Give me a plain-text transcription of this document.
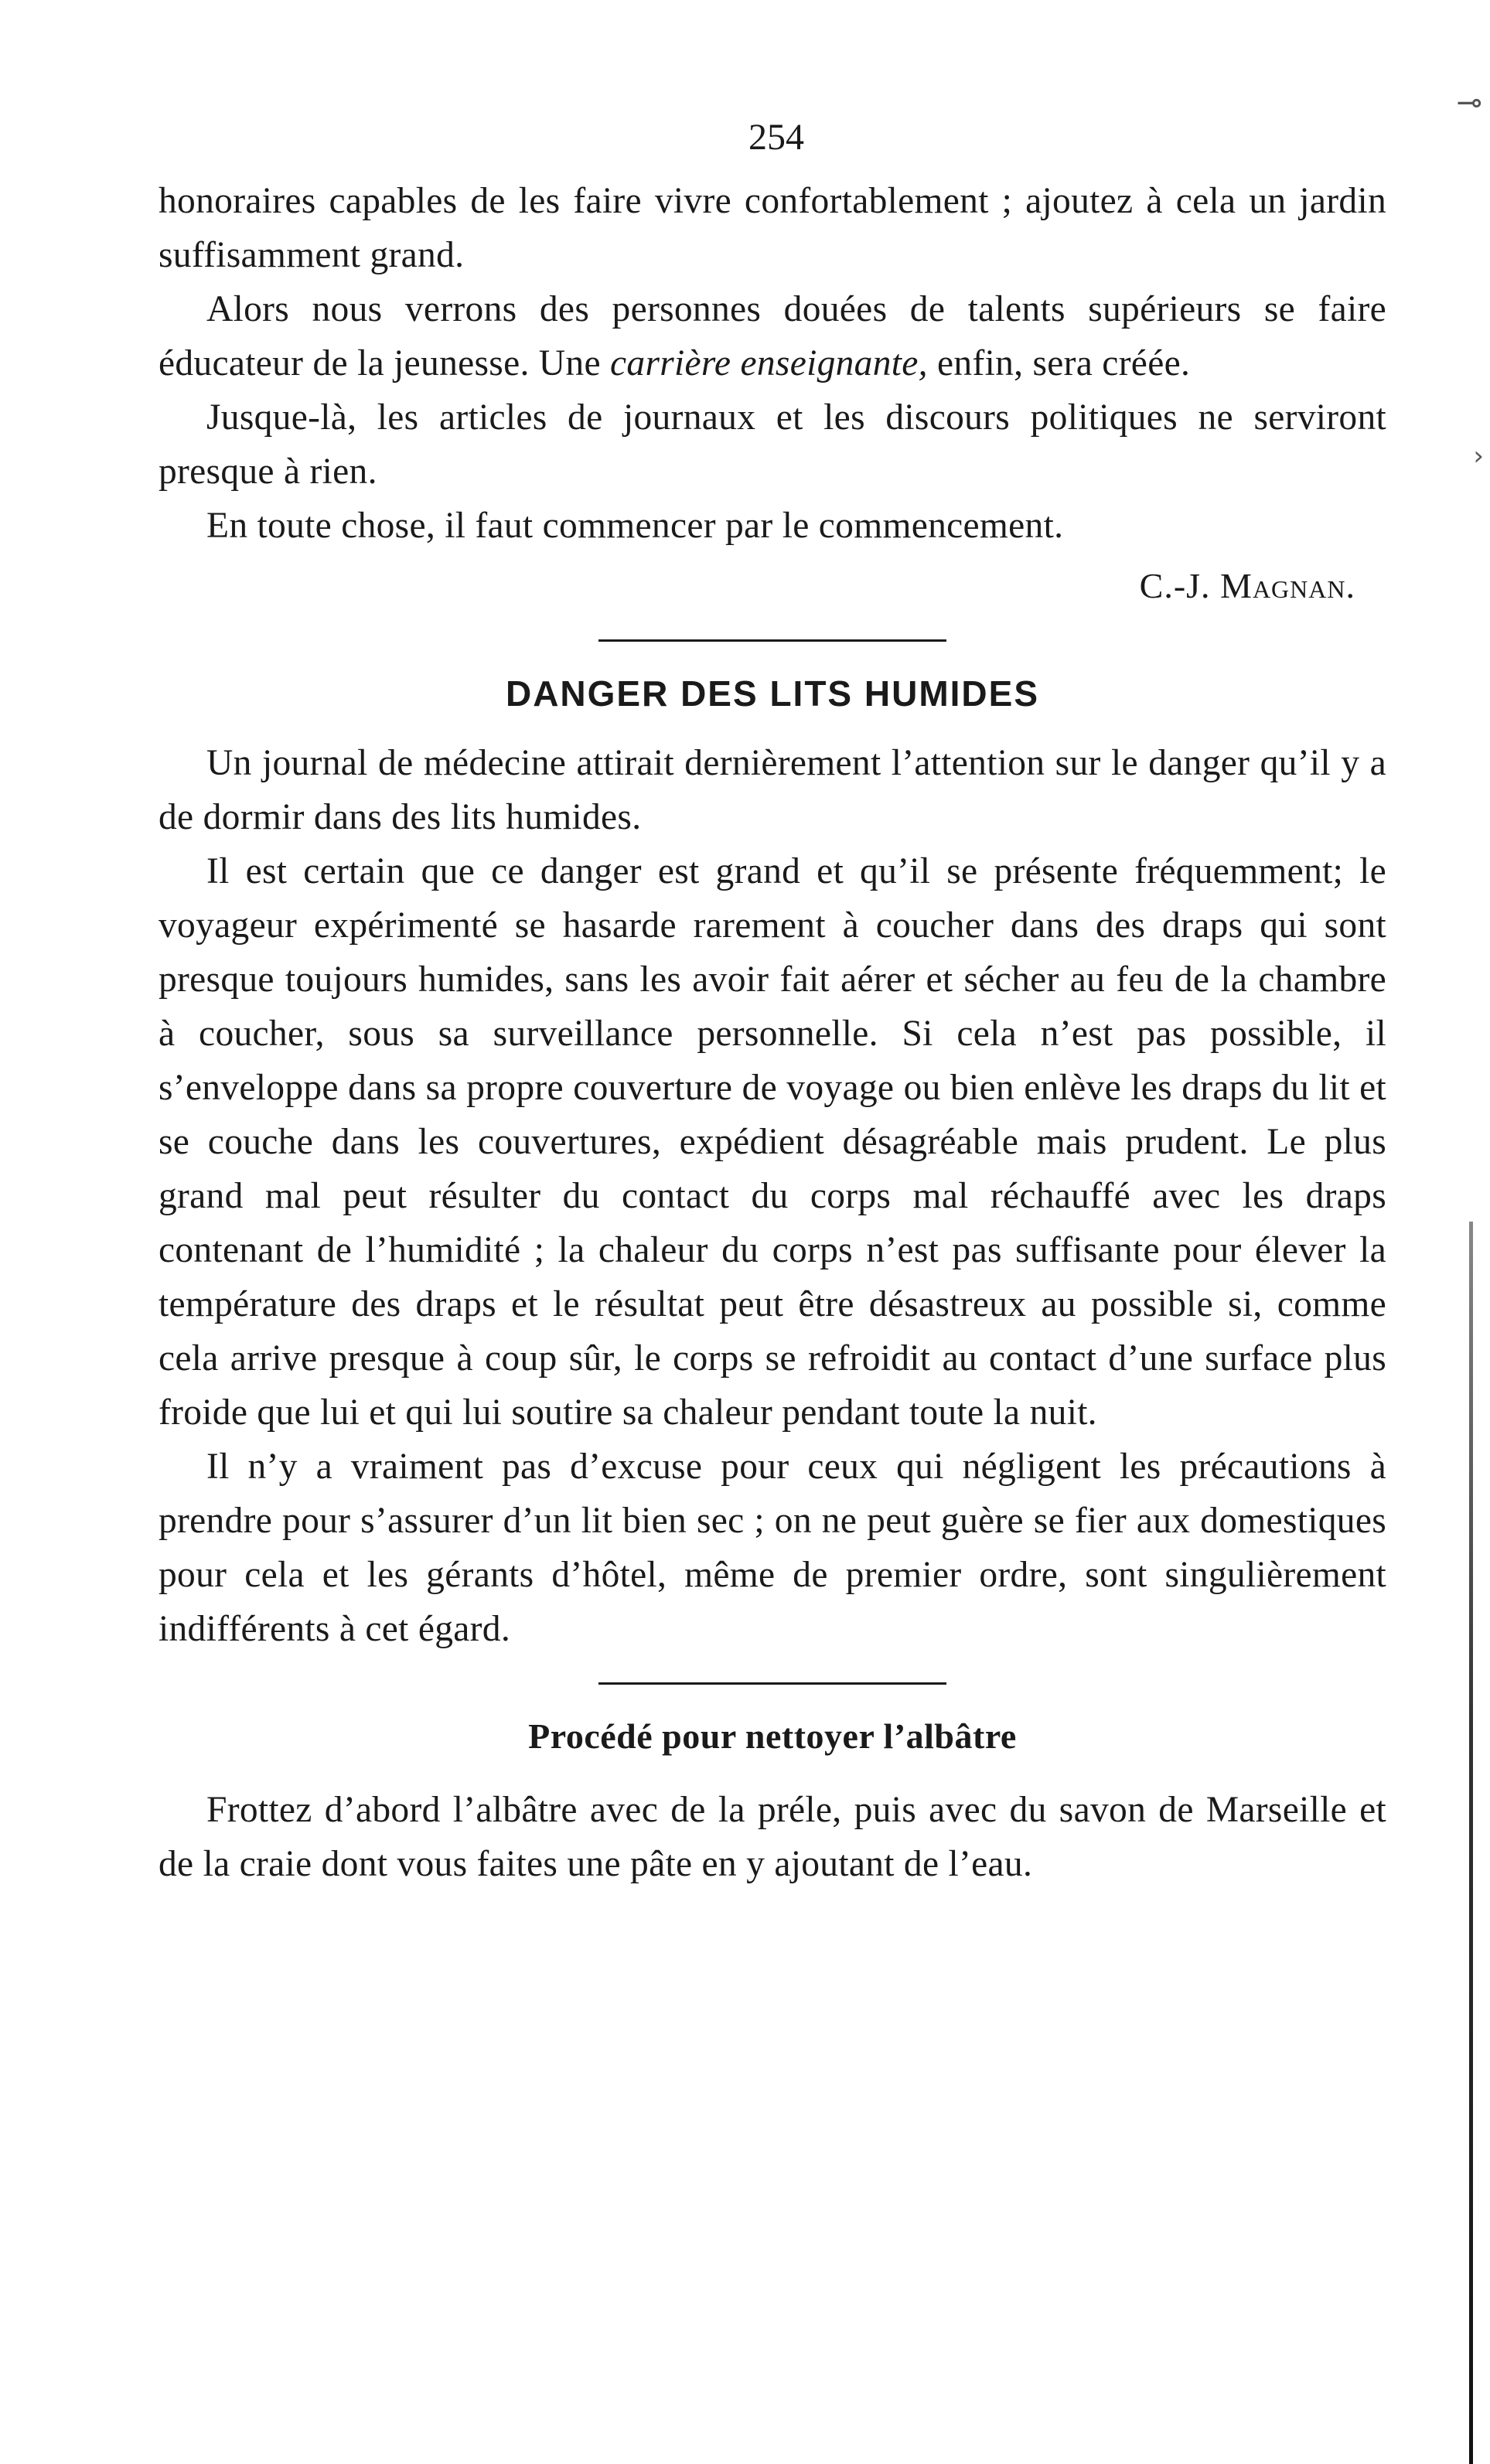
254

honoraires capables de les faire vivre confortablement ; ajoutez à cela un jardin suffisamment grand.

Alors nous verrons des personnes douées de talents supérieurs se faire éducateur de la jeunesse. Une carrière enseignante, enfin, sera créée.

Jusque-là, les articles de journaux et les discours politiques ne serviront presque à rien.

En toute chose, il faut commencer par le commencement.

C.-J. Magnan.
DANGER DES LITS HUMIDES

Un journal de médecine attirait dernièrement l’attention sur le danger qu’il y a de dormir dans des lits humides.

Il est certain que ce danger est grand et qu’il se présente fréquemment; le voyageur expérimenté se hasarde rarement à coucher dans des draps qui sont presque toujours humides, sans les avoir fait aérer et sécher au feu de la chambre à coucher, sous sa surveillance personnelle. Si cela n’est pas possible, il s’enveloppe dans sa propre couverture de voyage ou bien enlève les draps du lit et se couche dans les couvertures, expédient désagréable mais prudent. Le plus grand mal peut résulter du contact du corps mal réchauffé avec les draps contenant de l’humidité ; la chaleur du corps n’est pas suffisante pour élever la température des draps et le résultat peut être désastreux au possible si, comme cela arrive presque à coup sûr, le corps se refroidit au contact d’une surface plus froide que lui et qui lui soutire sa chaleur pendant toute la nuit.

Il n’y a vraiment pas d’excuse pour ceux qui négligent les précautions à prendre pour s’assurer d’un lit bien sec ; on ne peut guère se fier aux domestiques pour cela et les gérants d’hôtel, même de premier ordre, sont singulièrement indifférents à cet égard.

Procédé pour nettoyer l’albâtre

Frottez d’abord l’albâtre avec de la préle, puis avec du savon de Marseille et de la craie dont vous faites une pâte en y ajoutant de l’eau.

⊸
›
